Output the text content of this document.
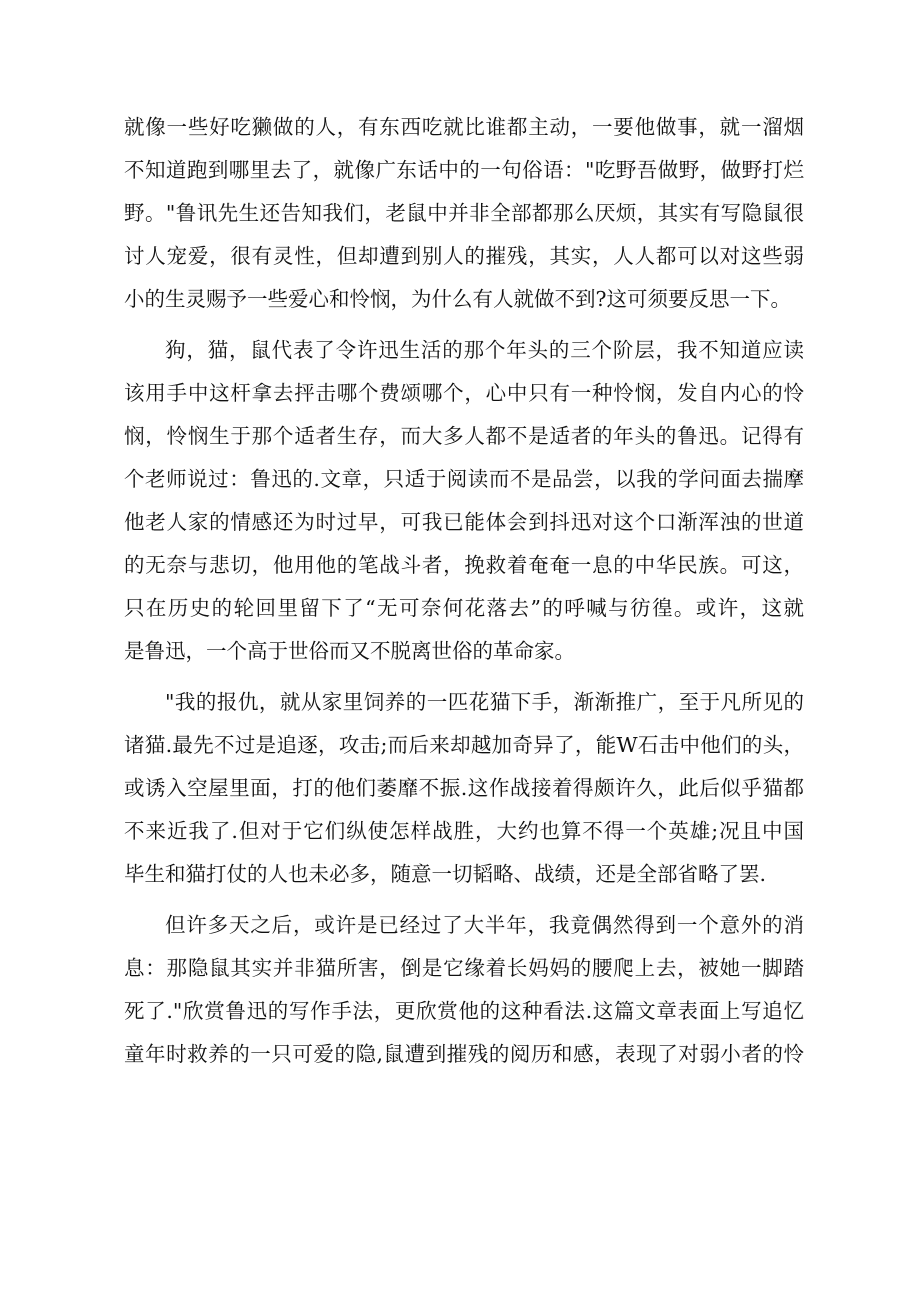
就像一些好吃獭做的人，有东西吃就比谁都主动，一要他做事，就一溜烟
不知道跑到哪里去了，就像广东话中的一句俗语："吃野吾做野，做野打烂
野。"鲁讯先生还告知我们，老鼠中并非全部都那么厌烦，其实有写隐鼠很
讨人宠爱，很有灵性，但却遭到别人的摧残，其实，人人都可以对这些弱
小的生灵赐予一些爱心和怜悯，为什么有人就做不到?这可须要反思一下。
狗，猫，鼠代表了令许迅生活的那个年头的三个阶层，我不知道应读
该用手中这杆拿去抨击哪个费颂哪个，心中只有一种怜悯，发自内心的怜
悯，怜悯生于那个适者生存，而大多人都不是适者的年头的鲁迅。记得有
个老师说过：鲁迅的.文章，只适于阅读而不是品尝，以我的学问面去揣摩
他老人家的情感还为时过早，可我已能体会到抖迅对这个口渐浑浊的世道
的无奈与悲切，他用他的笔战斗者，挽救着奄奄一息的中华民族。可这，
只在历史的轮回里留下了“无可奈何花落去”的呼喊与彷徨。或许，这就
是鲁迅，一个高于世俗而又不脱离世俗的革命家。
"我的报仇，就从家里饲养的一匹花猫下手，渐渐推广，至于凡所见的
诸猫.最先不过是追逐，攻击;而后来却越加奇异了，能W石击中他们的头，
或诱入空屋里面，打的他们萎靡不振.这作战接着得颇许久，此后似乎猫都
不来近我了.但对于它们纵使怎样战胜，大约也算不得一个英雄;况且中国
毕生和猫打仗的人也未必多，随意一切韬略、战绩，还是全部省略了罢.
但许多天之后，或许是已经过了大半年，我竟偶然得到一个意外的消
息：那隐鼠其实并非猫所害，倒是它缘着长妈妈的腰爬上去，被她一脚踏
死了."欣赏鲁迅的写作手法，更欣赏他的这种看法.这篇文章表面上写追忆
童年时救养的一只可爱的隐,鼠遭到摧残的阅历和感，表现了对弱小者的怜
